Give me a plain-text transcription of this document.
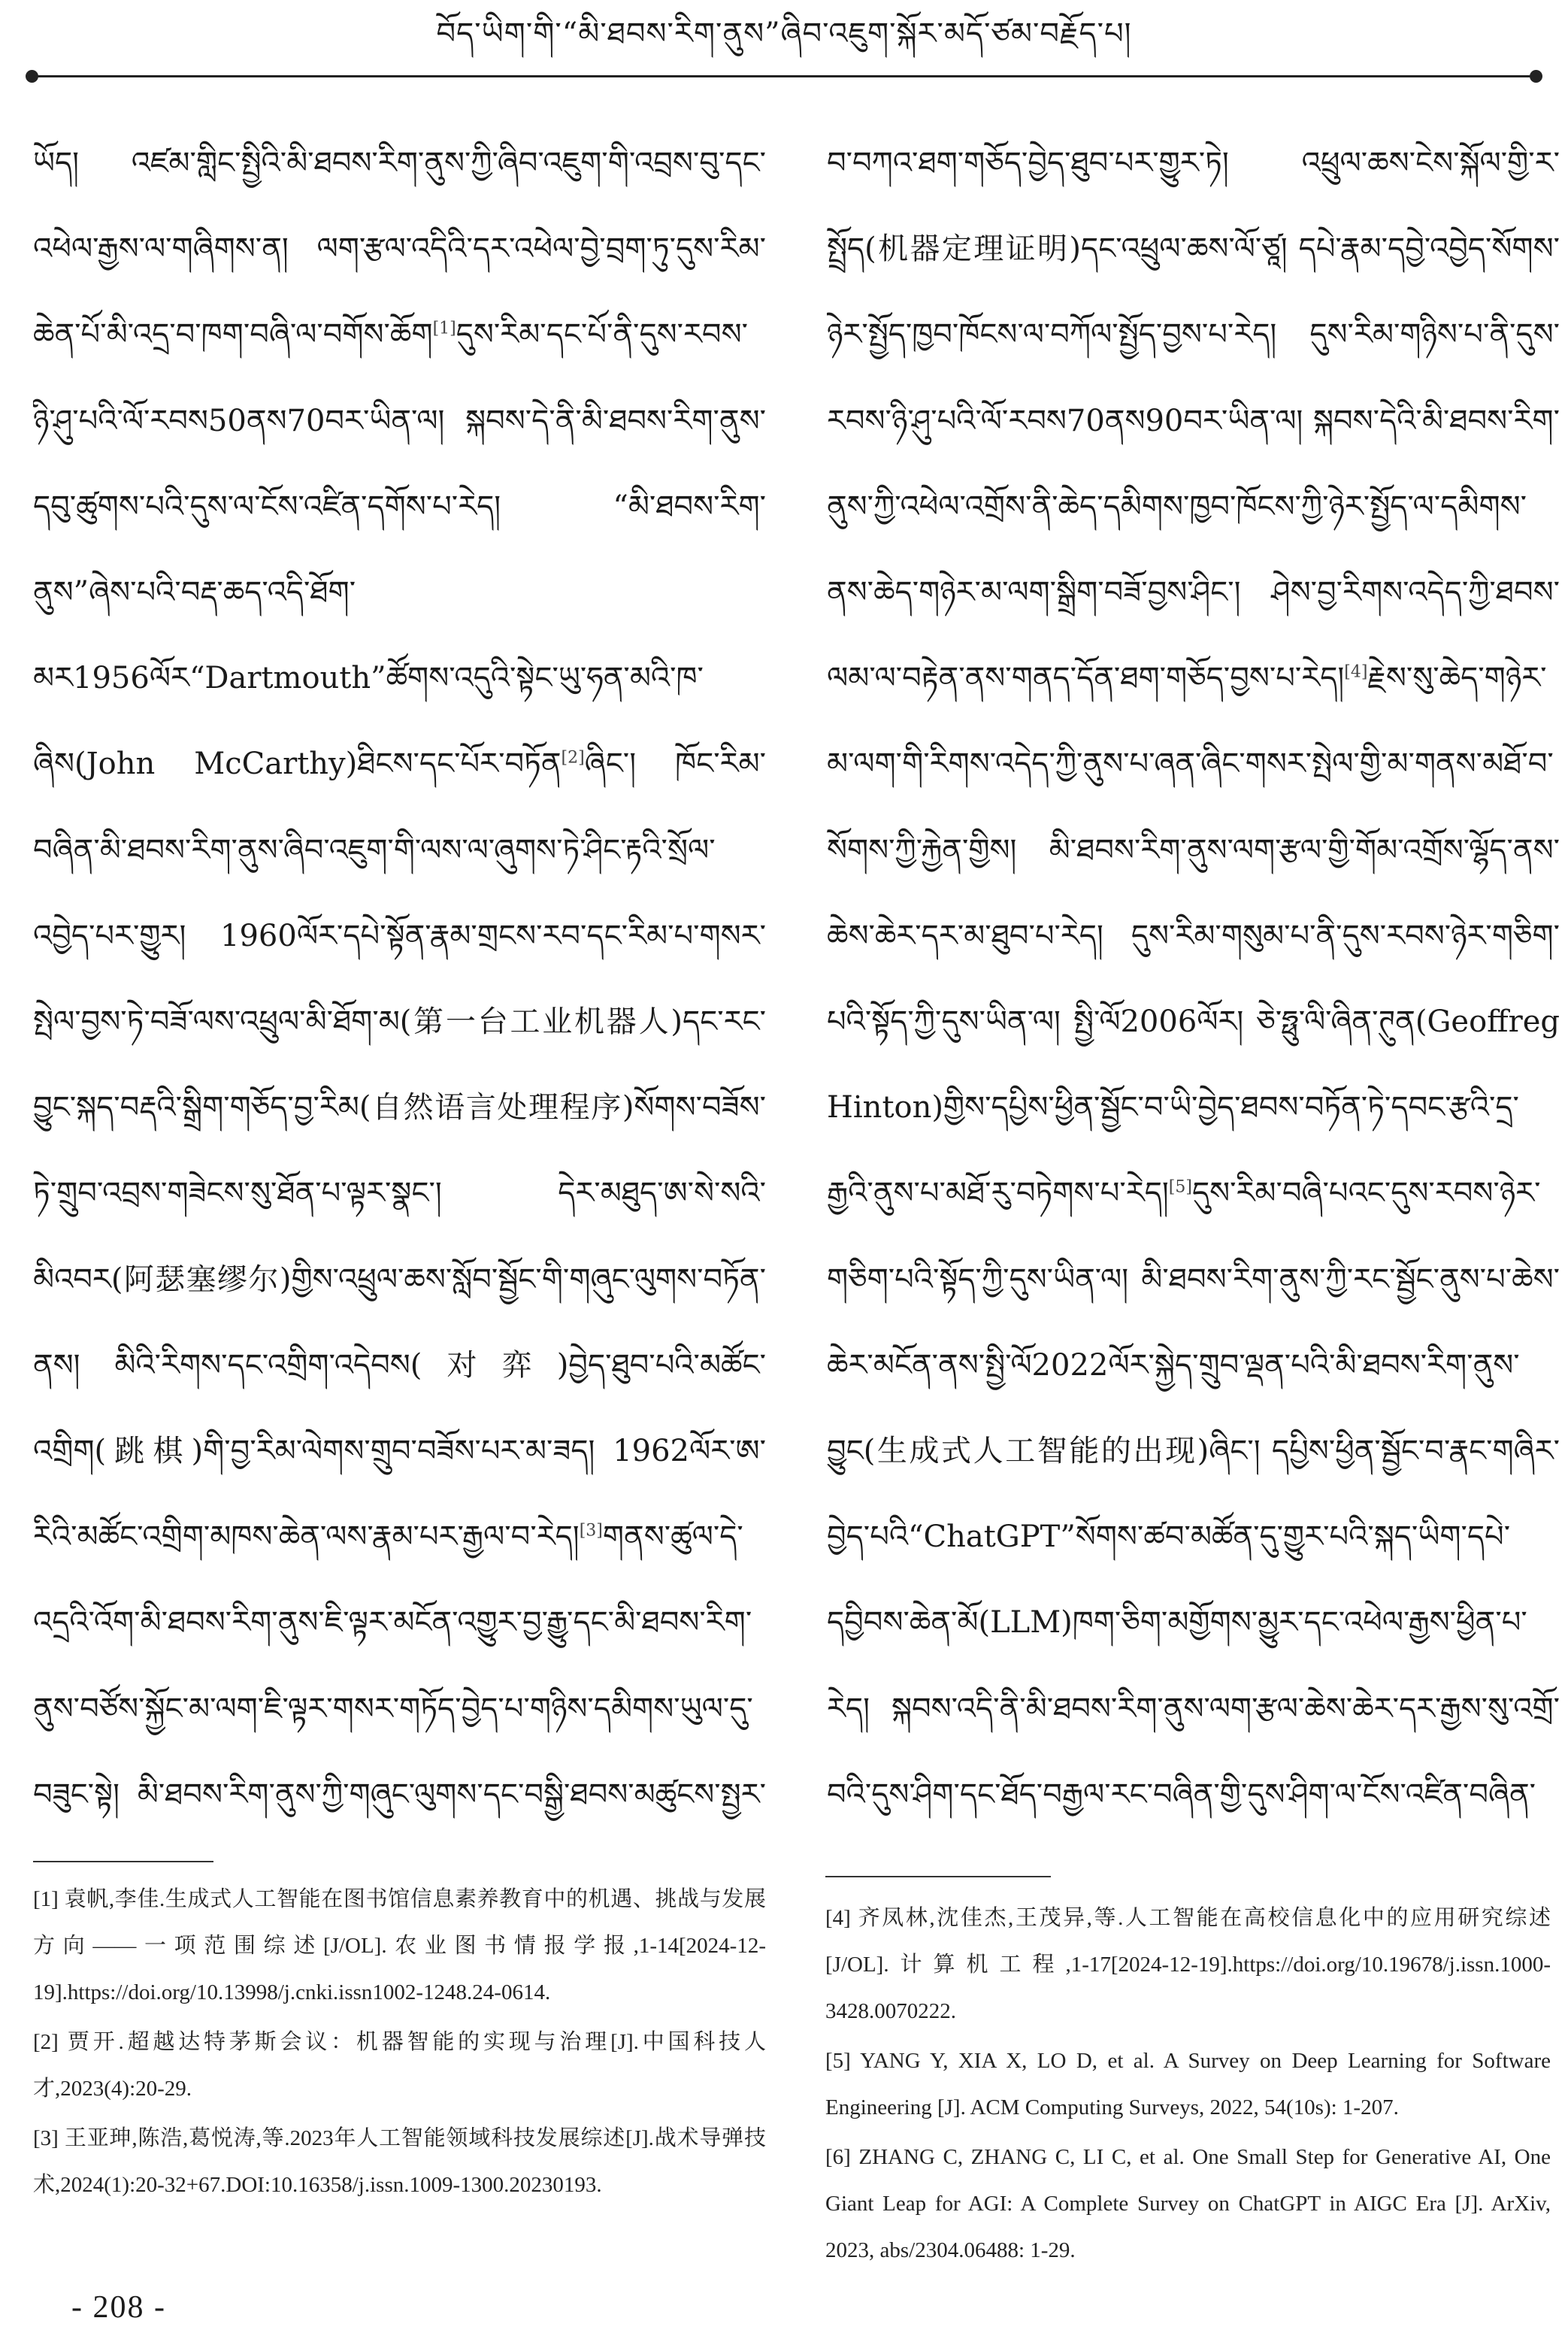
བོད་ཡིག་གི་“མི་ཐབས་རིག་ནུས”ཞིབ་འཇུག་སྐོར་མདོ་ཙམ་བརྗོད་པ།

ཡོད། འཛམ་གླིང་སྤྱིའི་མི་ཐབས་རིག་ནུས་ཀྱི་ཞིབ་འཇུག་གི་འབྲས་བུ་དང་འཕེལ་རྒྱས་ལ་གཞིགས་ན། ལག་རྩལ་འདིའི་དར་འཕེལ་བྱེ་བྲག་ཏུ་དུས་རིམ་ཆེན་པོ་མི་འདྲ་བ་ཁག་བཞི་ལ་བགོས་ཆོག[1]དུས་རིམ་དང་པོ་ནི་དུས་རབས་ཉི་ཤུ་པའི་ལོ་རབས50ནས70བར་ཡིན་ལ། སྐབས་དེ་ནི་མི་ཐབས་རིག་ནུས་དབུ་ཚུགས་པའི་དུས་ལ་ངོས་འཛིན་དགོས་པ་རེད། “མི་ཐབས་རིག་ནུས”ཞེས་པའི་བརྡ་ཆད་འདི་ཐོག་མར1956ལོར“Dartmouth”ཚོགས་འདུའི་སྟེང་ཡུ་ཧན་མའི་ཁ་ཞིས(John McCarthy)ཐིངས་དང་པོར་བཏོན[2]ཞིང་། ཁོང་རིམ་བཞིན་མི་ཐབས་རིག་ནུས་ཞིབ་འཇུག་གི་ལས་ལ་ཞུགས་ཏེ་ཤིང་རྟའི་སྲོལ་འབྱེད་པར་གྱུར། 1960ལོར་དཔེ་སྟོན་རྣམ་གྲངས་རབ་དང་རིམ་པ་གསར་སྤེལ་བྱས་ཏེ་བཟོ་ལས་འཕྲུལ་མི་ཐོག་མ(第一台工业机器人)དང་རང་བྱུང་སྐད་བརྡའི་སྒྲིག་གཅོད་བྱ་རིམ(自然语言处理程序)སོགས་བཟོས་ཏེ་གྲུབ་འབྲས་གཟེངས་སུ་ཐོན་པ་ལྟར་སྣང་། དེར་མཐུད་ཨ་སེ་སའི་མིའབར(阿瑟塞缪尔)གྱིས་འཕྲུལ་ཆས་སློབ་སྦྱོང་གི་གཞུང་ལུགས་བཏོན་ནས། མིའི་རིགས་དང་འགྲིག་འདེབས(对弈)བྱེད་ཐུབ་པའི་མཚོང་འགྲིག(跳棋)གི་བྱ་རིམ་ལེགས་གྲུབ་བཟོས་པར་མ་ཟད། 1962ལོར་ཨ་རིའི་མཚོང་འགྲིག་མཁས་ཆེན་ལས་རྣམ་པར་རྒྱལ་བ་རེད།[3]གནས་ཚུལ་དེ་འདྲའི་འོག་མི་ཐབས་རིག་ནུས་ཇི་ལྟར་མངོན་འགྱུར་བྱ་རྒྱུ་དང་མི་ཐབས་རིག་ནུས་བཙོས་སྐྱོང་མ་ལག་ཇི་ལྟར་གསར་གཏོད་བྱེད་པ་གཉིས་དམིགས་ཡུལ་དུ་བཟུང་སྟེ། མི་ཐབས་རིག་ནུས་ཀྱི་གཞུང་ལུགས་དང་བསྒྱི་ཐབས་མཚུངས་སྤྱར་

བ་བཀའ་ཐག་གཅོད་བྱེད་ཐུབ་པར་གྱུར་ཏེ། འཕྲུལ་ཆས་ངེས་སྐོལ་གྱི་ར་སྤྲོད(机器定理证明)དང་འཕྲུལ་ཆས་ལོ་ཙཱ། དཔེ་རྣམ་དབྱེ་འབྱེད་སོགས་ཉེར་སྤྱོད་ཁྱབ་ཁོངས་ལ་བཀོལ་སྤྱོད་བྱས་པ་རེད། དུས་རིམ་གཉིས་པ་ནི་དུས་རབས་ཉི་ཤུ་པའི་ལོ་རབས70ནས90བར་ཡིན་ལ། སྐབས་དེའི་མི་ཐབས་རིག་ནུས་ཀྱི་འཕེལ་འགྲོས་ནི་ཆེད་དམིགས་ཁྱབ་ཁོངས་ཀྱི་ཉེར་སྤྱོད་ལ་དམིགས་ནས་ཆེད་གཉེར་མ་ལག་སྒྲིག་བཟོ་བྱས་ཤིང་། ཤེས་བྱ་རིགས་འདེད་ཀྱི་ཐབས་ལམ་ལ་བརྟེན་ནས་གནད་དོན་ཐག་གཅོད་བྱས་པ་རེད།[4]རྗེས་སུ་ཆེད་གཉེར་མ་ལག་གི་རིགས་འདེད་ཀྱི་ནུས་པ་ཞན་ཞིང་གསར་སྤེལ་གྱི་མ་གནས་མཐོ་བ་སོགས་ཀྱི་རྐྱེན་གྱིས། མི་ཐབས་རིག་ནུས་ལག་རྩལ་གྱི་གོམ་འགྲོས་ལྷོད་ནས་ཆེས་ཆེར་དར་མ་ཐུབ་པ་རེད། དུས་རིམ་གསུམ་པ་ནི་དུས་རབས་ཉེར་གཅིག་པའི་སྟོད་ཀྱི་དུས་ཡིན་ལ། སྤྱི་ལོ2006ལོར། ཅེ་ཧྥུ་ལི་ཞིན་ཊུན(Geoffreg Hinton)གྱིས་དཔྱིས་ཕྱིན་སྦྱོང་བ་ཡི་བྱེད་ཐབས་བཏོན་ཏེ་དབང་རྩའི་དྲ་རྒྱའི་ནུས་པ་མཐོ་རུ་བཏེགས་པ་རེད།[5]དུས་རིམ་བཞི་པའང་དུས་རབས་ཉེར་གཅིག་པའི་སྟོད་ཀྱི་དུས་ཡིན་ལ། མི་ཐབས་རིག་ནུས་ཀྱི་རང་སྦྱོང་ནུས་པ་ཆེས་ཆེར་མངོན་ནས་སྤྱི་ལོ2022ལོར་སྐྱེད་གྲུབ་ལྡན་པའི་མི་ཐབས་རིག་ནུས་བྱུང(生成式人工智能的出现)ཞིང་། དཔྱིས་ཕྱིན་སྦྱོང་བ་རྣང་གཞིར་བྱེད་པའི“ChatGPT”སོགས་ཚབ་མཚོན་དུ་གྱུར་པའི་སྐད་ཡིག་དཔེ་དབྱིབས་ཆེན་མོ(LLM)ཁག་ཅིག་མགྱོགས་མྱུར་དང་འཕེལ་རྒྱས་ཕྱིན་པ་རེད། སྐབས་འདི་ནི་མི་ཐབས་རིག་ནུས་ལག་རྩལ་ཆེས་ཆེར་དར་རྒྱས་སུ་འགྲོ་བའི་དུས་ཤིག་དང་ཐོད་བརྒྱལ་རང་བཞིན་གྱི་དུས་ཤིག་ལ་ངོས་འཛིན་བཞིན་

[1] 袁帆,李佳.生成式人工智能在图书馆信息素养教育中的机遇、挑战与发展方向——一项范围综述[J/OL].农业图书情报学报,1-14[2024-12-19].https://doi.org/10.13998/j.cnki.issn1002-1248.24-0614.

[2] 贾开.超越达特茅斯会议：机器智能的实现与治理[J].中国科技人才,2023(4):20-29.

[3] 王亚珅,陈浩,葛悦涛,等.2023年人工智能领域科技发展综述[J].战术导弹技术,2024(1):20-32+67.DOI:10.16358/j.issn.1009-1300.20230193.

[4] 齐凤林,沈佳杰,王茂异,等.人工智能在高校信息化中的应用研究综述[J/OL].计算机工程,1-17[2024-12-19].https://doi.org/10.19678/j.issn.1000-3428.0070222.

[5] YANG Y, XIA X, LO D, et al. A Survey on Deep Learning for Software Engineering [J]. ACM Computing Surveys, 2022, 54(10s): 1-207.

[6] ZHANG C, ZHANG C, LI C, et al. One Small Step for Generative AI, One Giant Leap for AGI: A Complete Survey on ChatGPT in AIGC Era [J]. ArXiv, 2023, abs/2304.06488: 1-29.

- 208 -
